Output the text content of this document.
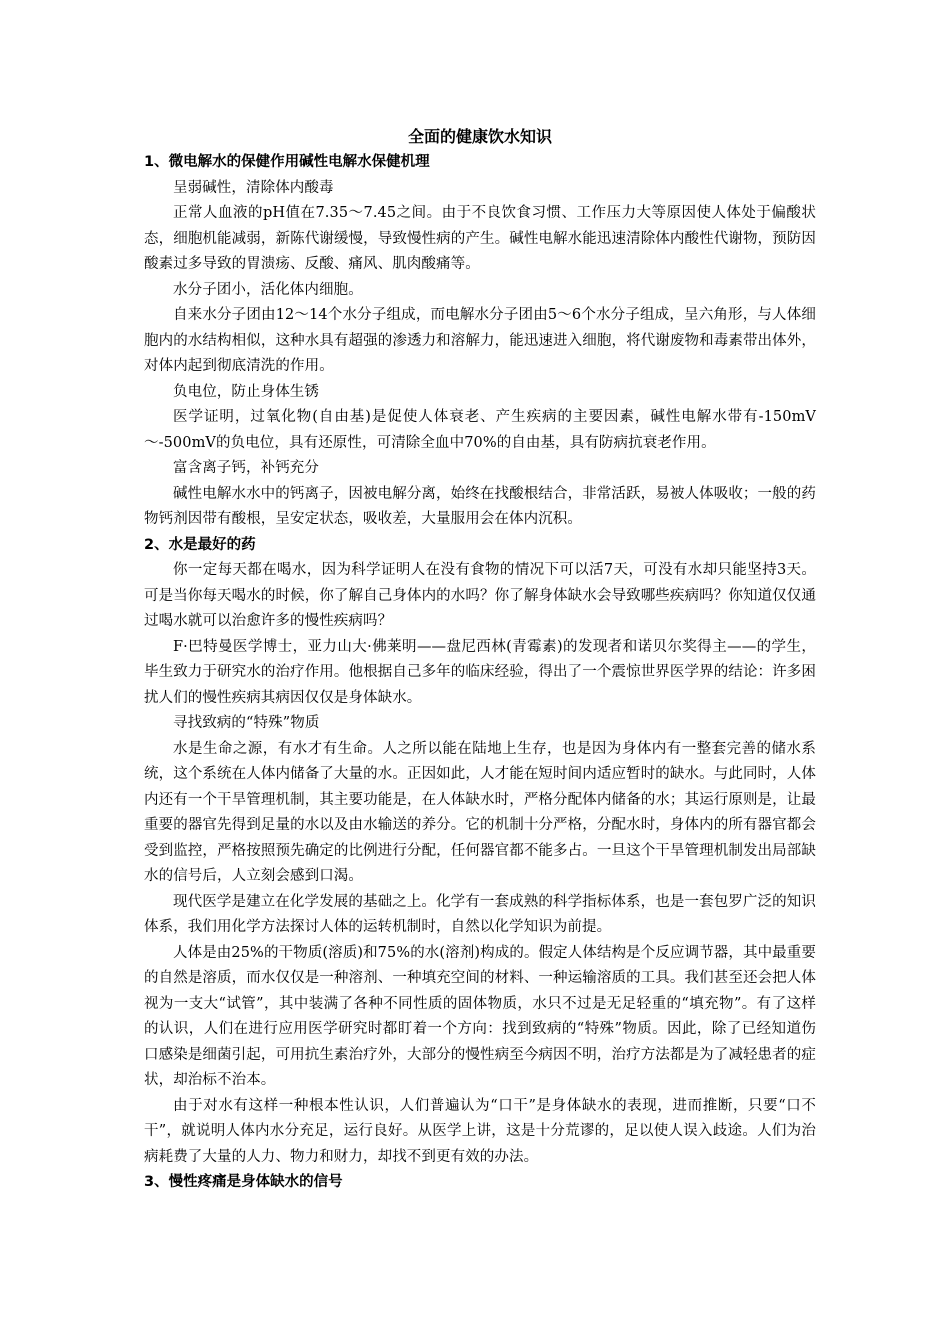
全面的健康饮水知识

1、微电解水的保健作用碱性电解水保健机理

呈弱碱性，清除体内酸毒

正常人血液的pH值在7.35～7.45之间。由于不良饮食习惯、工作压力大等原因使人体处于偏酸状态，细胞机能减弱，新陈代谢缓慢，导致慢性病的产生。碱性电解水能迅速清除体内酸性代谢物，预防因酸素过多导致的胃溃疡、反酸、痛风、肌肉酸痛等。

水分子团小，活化体内细胞。

自来水分子团由12～14个水分子组成，而电解水分子团由5～6个水分子组成，呈六角形，与人体细胞内的水结构相似，这种水具有超强的渗透力和溶解力，能迅速进入细胞，将代谢废物和毒素带出体外，对体内起到彻底清洗的作用。

负电位，防止身体生锈

医学证明，过氧化物(自由基)是促使人体衰老、产生疾病的主要因素，碱性电解水带有-150mV～-500mV的负电位，具有还原性，可清除全血中70%的自由基，具有防病抗衰老作用。

富含离子钙，补钙充分

碱性电解水水中的钙离子，因被电解分离，始终在找酸根结合，非常活跃，易被人体吸收；一般的药物钙剂因带有酸根，呈安定状态，吸收差，大量服用会在体内沉积。

2、水是最好的药

你一定每天都在喝水，因为科学证明人在没有食物的情况下可以活7天，可没有水却只能坚持3天。可是当你每天喝水的时候，你了解自己身体内的水吗？你了解身体缺水会导致哪些疾病吗？你知道仅仅通过喝水就可以治愈许多的慢性疾病吗？

F·巴特曼医学博士，亚力山大·佛莱明——盘尼西林(青霉素)的发现者和诺贝尔奖得主——的学生，毕生致力于研究水的治疗作用。他根据自己多年的临床经验，得出了一个震惊世界医学界的结论：许多困扰人们的慢性疾病其病因仅仅是身体缺水。

寻找致病的“特殊”物质

水是生命之源，有水才有生命。人之所以能在陆地上生存，也是因为身体内有一整套完善的储水系统，这个系统在人体内储备了大量的水。正因如此，人才能在短时间内适应暂时的缺水。与此同时，人体内还有一个干旱管理机制，其主要功能是，在人体缺水时，严格分配体内储备的水；其运行原则是，让最重要的器官先得到足量的水以及由水输送的养分。它的机制十分严格，分配水时，身体内的所有器官都会受到监控，严格按照预先确定的比例进行分配，任何器官都不能多占。一旦这个干旱管理机制发出局部缺水的信号后，人立刻会感到口渴。

现代医学是建立在化学发展的基础之上。化学有一套成熟的科学指标体系，也是一套包罗广泛的知识体系，我们用化学方法探讨人体的运转机制时，自然以化学知识为前提。

人体是由25%的干物质(溶质)和75%的水(溶剂)构成的。假定人体结构是个反应调节器，其中最重要的自然是溶质，而水仅仅是一种溶剂、一种填充空间的材料、一种运输溶质的工具。我们甚至还会把人体视为一支大“试管”，其中装满了各种不同性质的固体物质，水只不过是无足轻重的“填充物”。有了这样的认识，人们在进行应用医学研究时都盯着一个方向：找到致病的“特殊”物质。因此，除了已经知道伤口感染是细菌引起，可用抗生素治疗外，大部分的慢性病至今病因不明，治疗方法都是为了减轻患者的症状，却治标不治本。

由于对水有这样一种根本性认识，人们普遍认为“口干”是身体缺水的表现，进而推断，只要“口不干”，就说明人体内水分充足，运行良好。从医学上讲，这是十分荒谬的，足以使人误入歧途。人们为治病耗费了大量的人力、物力和财力，却找不到更有效的办法。

3、慢性疼痛是身体缺水的信号
